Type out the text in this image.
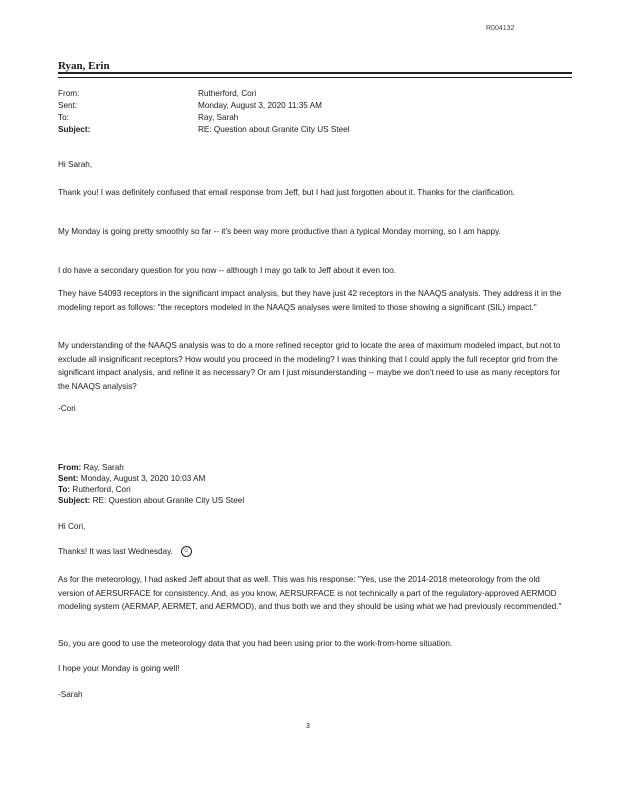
R004132
Ryan, Erin
From:	Rutherford, Cori
Sent:	Monday, August 3, 2020 11:35 AM
To:	Ray, Sarah
Subject:	RE: Question about Granite City US Steel
Hi Sarah,
Thank you! I was definitely confused that email response from Jeff, but I had just forgotten about it. Thanks for the clarification.
My Monday is going pretty smoothly so far -- it's been way more productive than a typical Monday morning, so I am happy.
I do have a secondary question for you now -- although I may go talk to Jeff about it even too.
They have 54093 receptors in the significant impact analysis, but they have just 42 receptors in the NAAQS analysis. They address it in the modeling report as follows: "the receptors modeled in the NAAQS analyses were limited to those showing a significant (SIL) impact."
My understanding of the NAAQS analysis was to do a more refined receptor grid to locate the area of maximum modeled impact, but not to exclude all insignificant receptors? How would you proceed in the modeling? I was thinking that I could apply the full receptor grid from the significant impact analysis, and refine it as necessary? Or am I just misunderstanding -- maybe we don't need to use as many receptors for the NAAQS analysis?
-Cori
From: Ray, Sarah
Sent: Monday, August 3, 2020 10:03 AM
To: Rutherford, Cori
Subject: RE: Question about Granite City US Steel
Hi Cori,
Thanks! It was last Wednesday. ☺
As for the meteorology, I had asked Jeff about that as well. This was his response: "Yes, use the 2014-2018 meteorology from the old version of AERSURFACE for consistency. And, as you know, AERSURFACE is not technically a part of the regulatory-approved AERMOD modeling system (AERMAP, AERMET, and AERMOD), and thus both we and they should be using what we had previously recommended."
So, you are good to use the meteorology data that you had been using prior to the work-from-home situation.
I hope your Monday is going well!
-Sarah
3
